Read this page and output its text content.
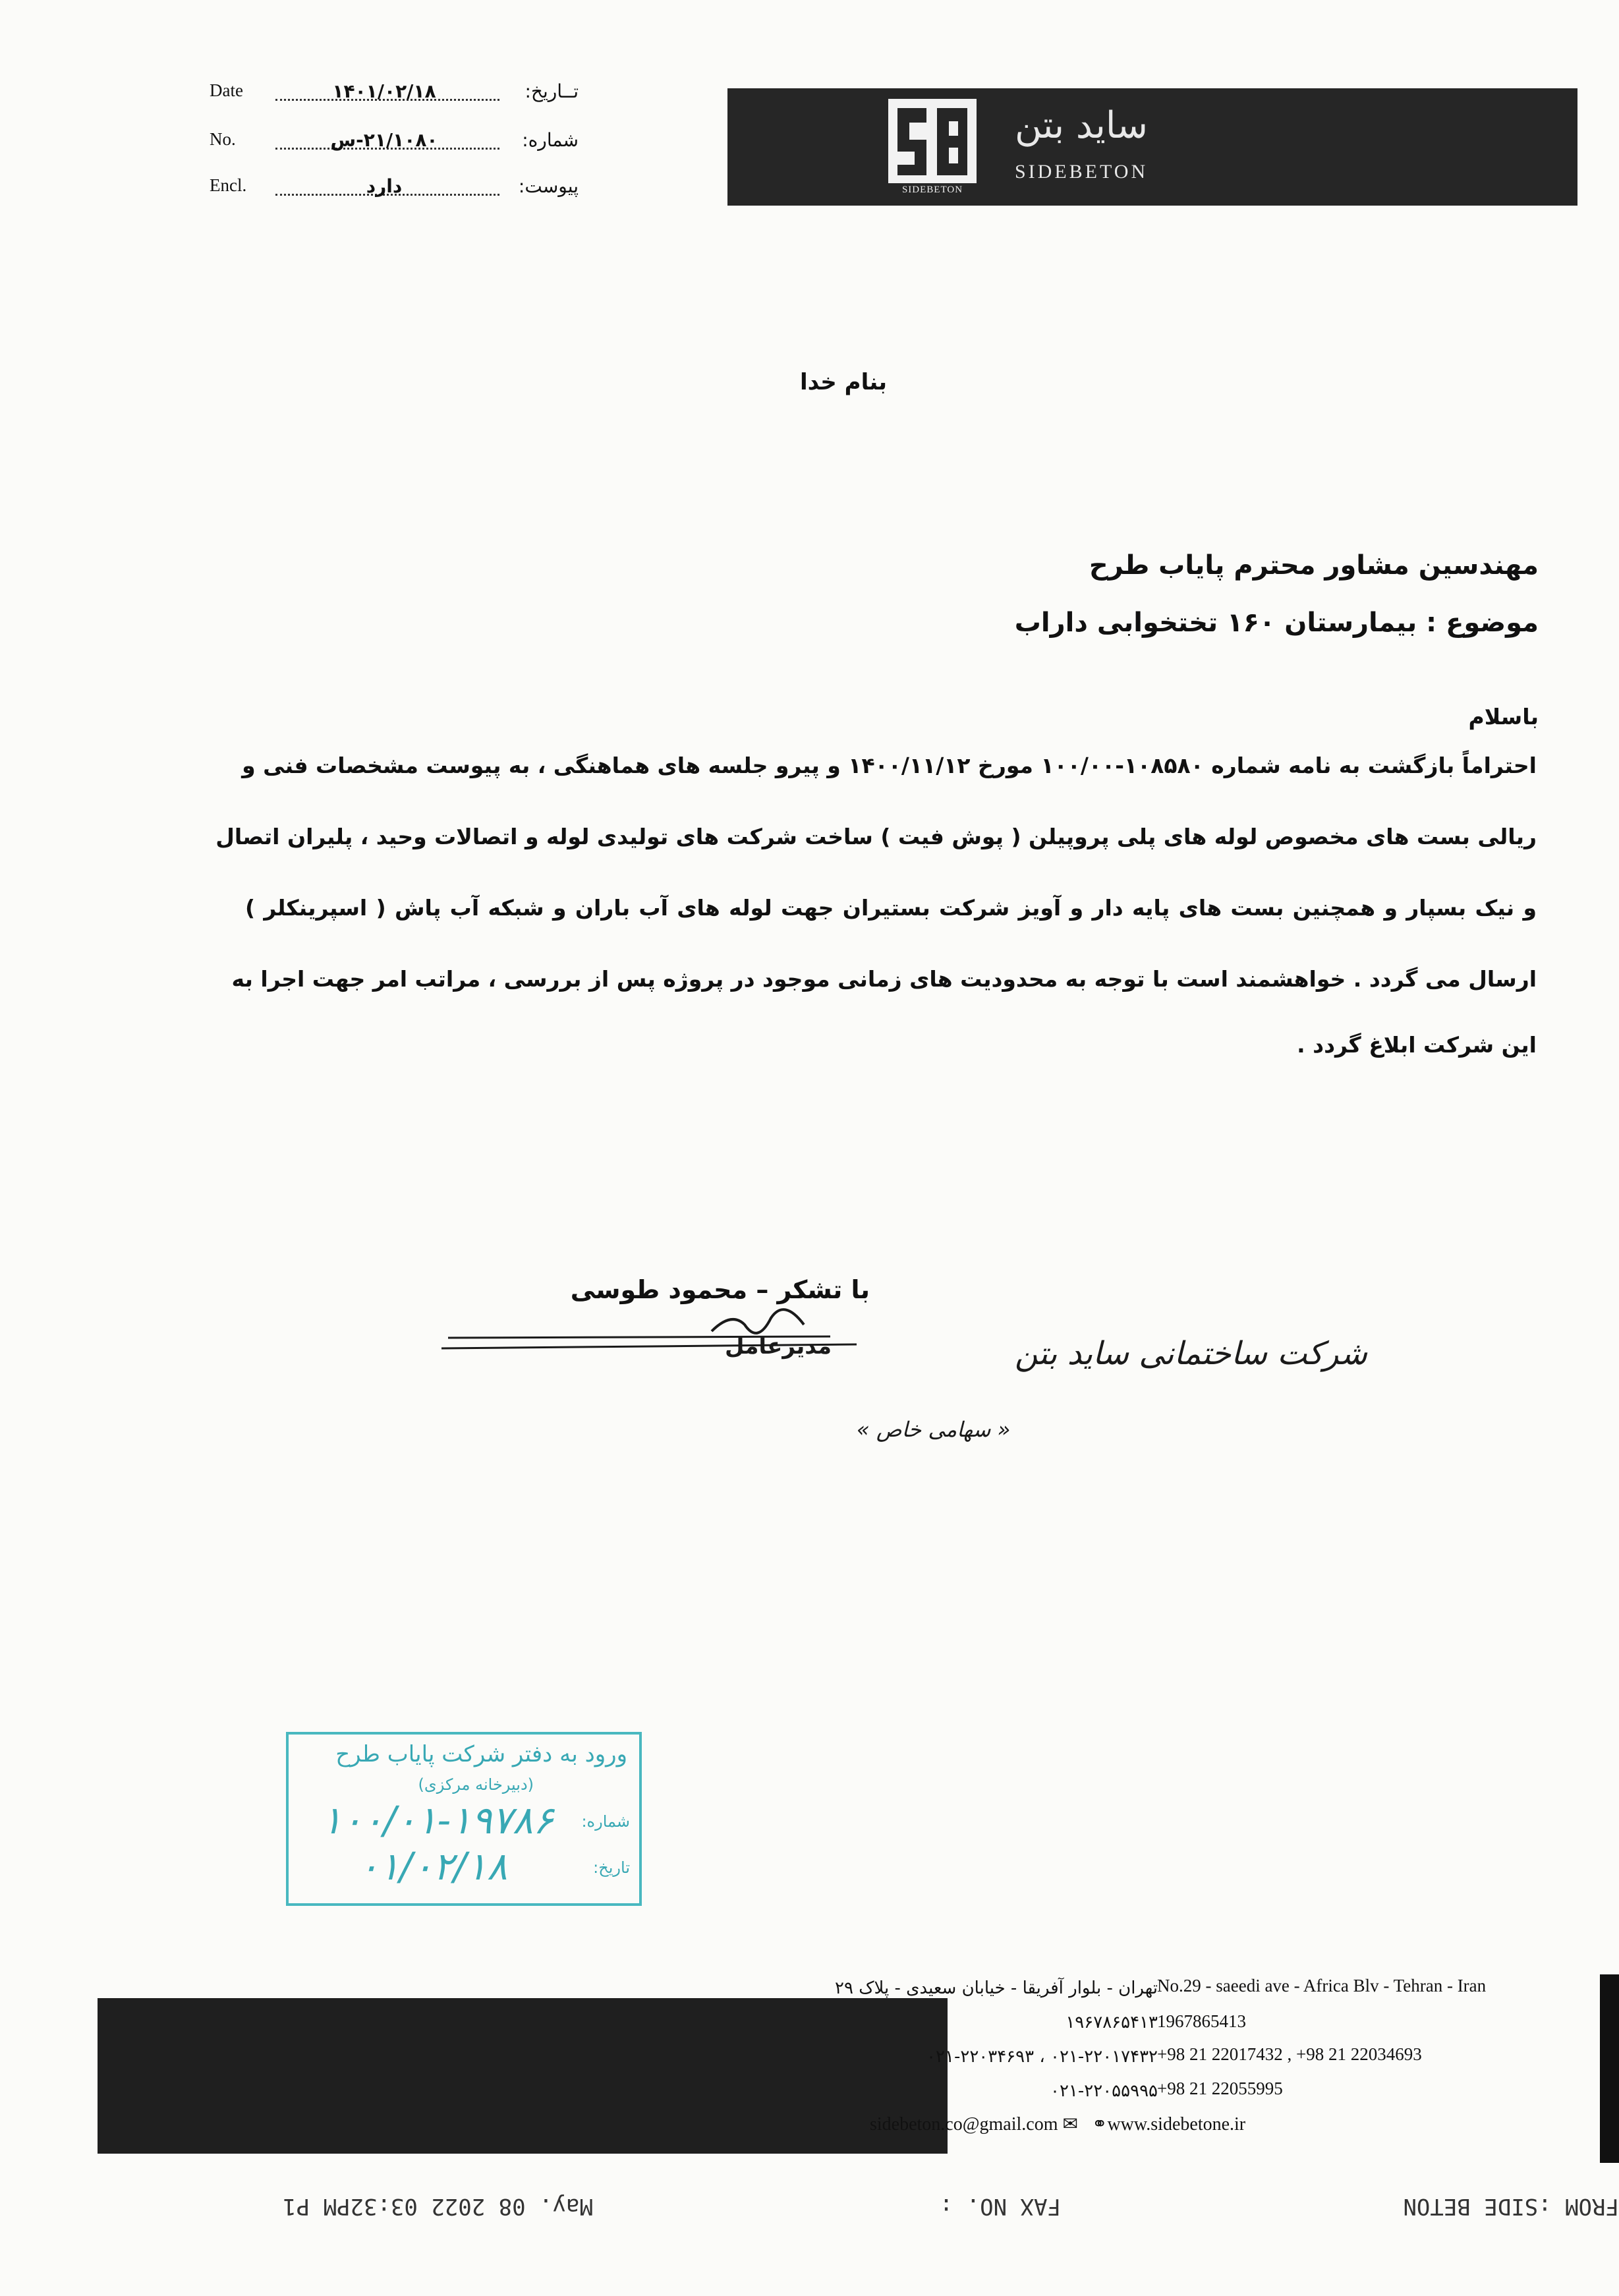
Date	۱۴۰۱/۰۲/۱۸	تــاریخ:
No.	۲۱/۱۰۸۰-س	شماره:
Encl.	دارد	پیوست:	SIDEBETON
ساید بتن
SIDEBETON
بنام خدا
مهندسین مشاور محترم پایاب طرح
موضوع : بیمارستان ۱۶۰ تختخوابی داراب
باسلام
احتراماً بازگشت به نامه شماره ۱۰۸۵۸۰-۱۰۰/۰۰ مورخ ۱۴۰۰/۱۱/۱۲ و پیرو جلسه های هماهنگی ، به پیوست مشخصات فنی و
ریالی بست های مخصوص لوله های پلی پروپیلن ( پوش فیت ) ساخت شرکت های تولیدی لوله و اتصالات وحید ، پلیران اتصال
و نیک بسپار و همچنین بست های پایه دار و آویز شرکت بستیران جهت لوله های آب باران و شبکه آب پاش ( اسپرینکلر )
ارسال می گردد . خواهشمند است با توجه به محدودیت های زمانی موجود در پروژه پس از بررسی ، مراتب امر جهت اجرا به
این شرکت ابلاغ گردد .
با تشکر – محمود طوسی
شرکت ساختمانی ساید بتن
مدیرعامل
« سهامی خاص »
ورود به دفتر شرکت پایاب طرح
(دبیرخانه مرکزی)
شماره:
۱۰۰/۰۱-۱۹۷۸۶
تاریخ:
۰۱/۰۲/۱۸
تهران - بلوار آفریقا - خیابان سعیدی - پلاک ۲۹
۱۹۶۷۸۶۵۴۱۳
۰۲۱-۲۲۰۱۷۴۳۲ ، ۰۲۱-۲۲۰۳۴۶۹۳
۰۲۱-۲۲۰۵۵۹۹۵
No.29 - saeedi ave - Africa Blv - Tehran - Iran
1967865413
+98 21 22017432 , +98 21 22034693
+98 21 22055995
sidebeton.co@gmail.com ✉ ⚭www.sidebetone.ir
FROM :SIDE BETON
FAX NO. :
May. 08 2022 03:32PM P1
